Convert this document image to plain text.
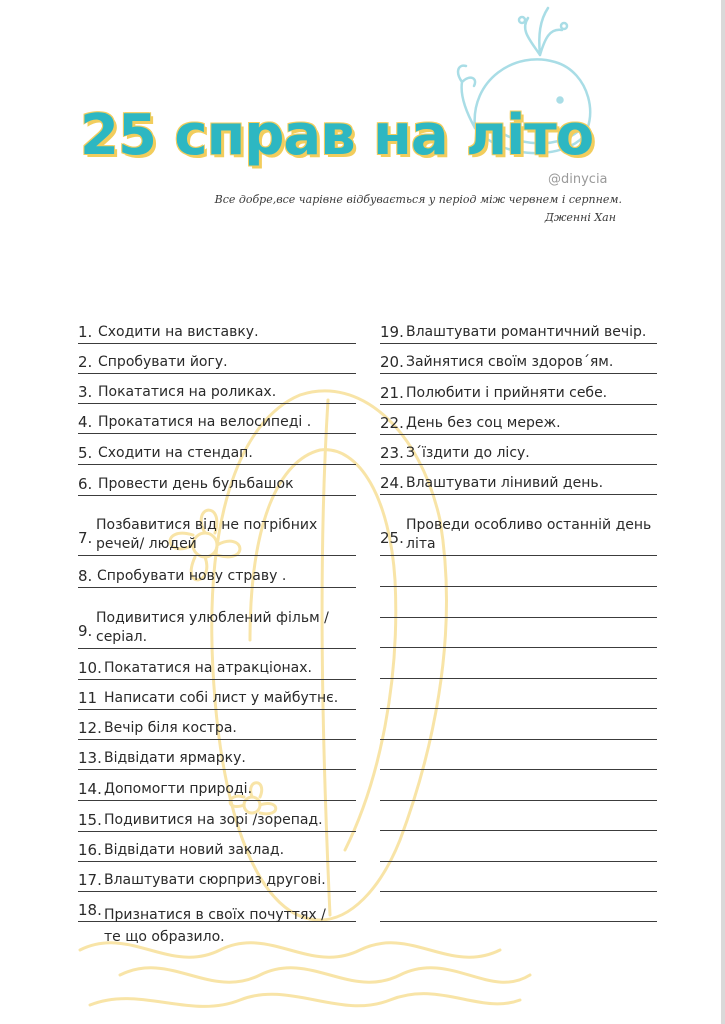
25 справ на літо
@dinycia
Все добре,все чарівне відбувається у період між червнем і серпнем.
Дженні Хан
1. Сходити на виставку.
2. Спробувати йогу.
3. Покататися на роликах.
4. Прокататися на велосипеді .
5. Сходити на стендап.
6. Провести день бульбашок
7.
Позбавитися від не потрібних речей/ людей
8. Спробувати нову страву .
9.
Подивитися улюблений фільм / серіал.
10. Покататися на атракціонах.
11 Написати собі лист у майбутнє.
12. Вечір біля костра.
13. Відвідати ярмарку.
14. Допомогти природі.
15. Подивитися на зорі /зорепад.
16. Відвідати новий заклад.
17. Влаштувати сюрприз другові.
18. Признатися в своїх почуттях /те що образило.
19. Влаштувати романтичний вечір.
20. Зайнятися своїм здоров´ям.
21. Полюбити і прийняти себе.
22. День без соц мереж.
23. З´їздити до лісу.
24. Влаштувати лінивий день.
25.
Проведи особливо останній день літа
